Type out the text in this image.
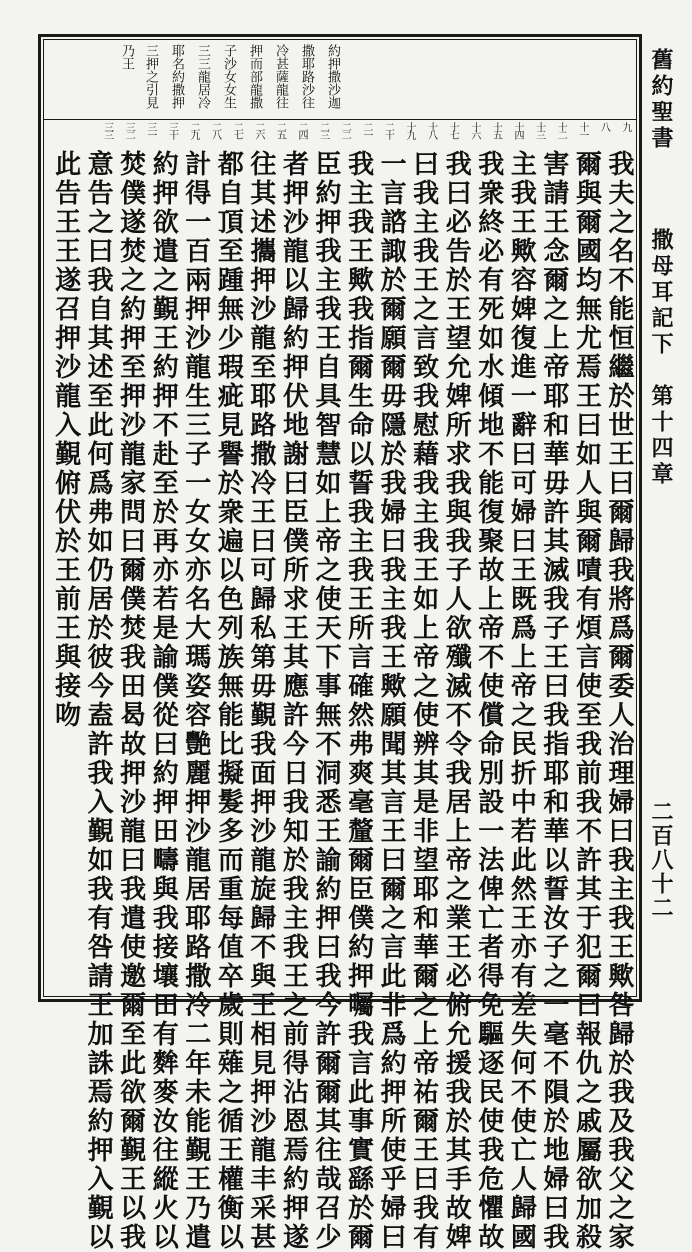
舊約聖書
撒母耳記下　第十四章
二百八十二
約押撒沙迦
撒耶路沙往
冷甚薩龍往
押而部龍撒
子沙女女生
三三龍居冷
耶名約撒押
三押之引見
乃王
九
八
十一
十二
十三
十四
十五
十六
十七
十八
十九
二十
二一
二二
二三
二四
二五
二六
二七
二八
二九
三十
三一
三二
三三
我夫之名不能恒繼於世王曰爾歸我將爲爾委人治理婦曰我主我王歟咎歸於我及我父之家
爾與爾國均無尤焉王曰如人與爾嘖有煩言使至我前我不許其于犯爾曰報仇之戚屬欲加殺
害請王念爾之上帝耶和華毋許其滅我子王曰我指耶和華以誓汝子之一毫不隕於地婦曰我
主我王歟容婢復進一辭曰可婦曰王既爲上帝之民折中若此然王亦有差失何不使亡人歸國
我衆終必有死如水傾地不能復聚故上帝不使償命別設一法俾亡者得免驅逐民使我危懼故
我曰必告於王望允婢所求我與我子人欲殲滅不令我居上帝之業王必俯允援我於其手故婢
曰我主我王之言致我慰藉我主我王如上帝之使辨其是非望耶和華爾之上帝祐爾王曰我有
一言諮諏於爾願爾毋隱於我婦曰我主我王歟願聞其言王曰爾之言此非爲約押所使乎婦曰
我主我王歟我指爾生命以誓我主我王所言確然弗爽毫釐爾臣僕約押囑我言此事實繇於爾
臣約押我主我王自具智慧如上帝之使天下事無不洞悉王諭約押曰我今許爾爾其往哉召少
者押沙龍以歸約押伏地謝曰臣僕所求王其應許今日我知於我主我王之前得沾恩焉約押遂
往其述攜押沙龍至耶路撒冷王曰可歸私第毋覲我面押沙龍旋歸不與王相見押沙龍丰采甚
都自頂至踵無少瑕疵見譽於衆遍以色列族無能比擬髮多而重每值卒歲則薙之循王權衡以
計得一百兩押沙龍生三子一女女亦名大瑪姿容艷麗押沙龍居耶路撒冷二年未能覲王乃遣
約押欲遣之覲王約押不赴至於再亦若是諭僕從曰約押田疇與我接壤田有麰麥汝往縱火以
焚僕遂焚之約押至押沙龍家問曰爾僕焚我田曷故押沙龍曰我遣使邀爾至此欲爾覲王以我
意告之曰我自其述至此何爲弗如仍居於彼今盍許我入覲如我有咎請王加誅焉約押入覲以
此告王王遂召押沙龍入覲俯伏於王前王與接吻
